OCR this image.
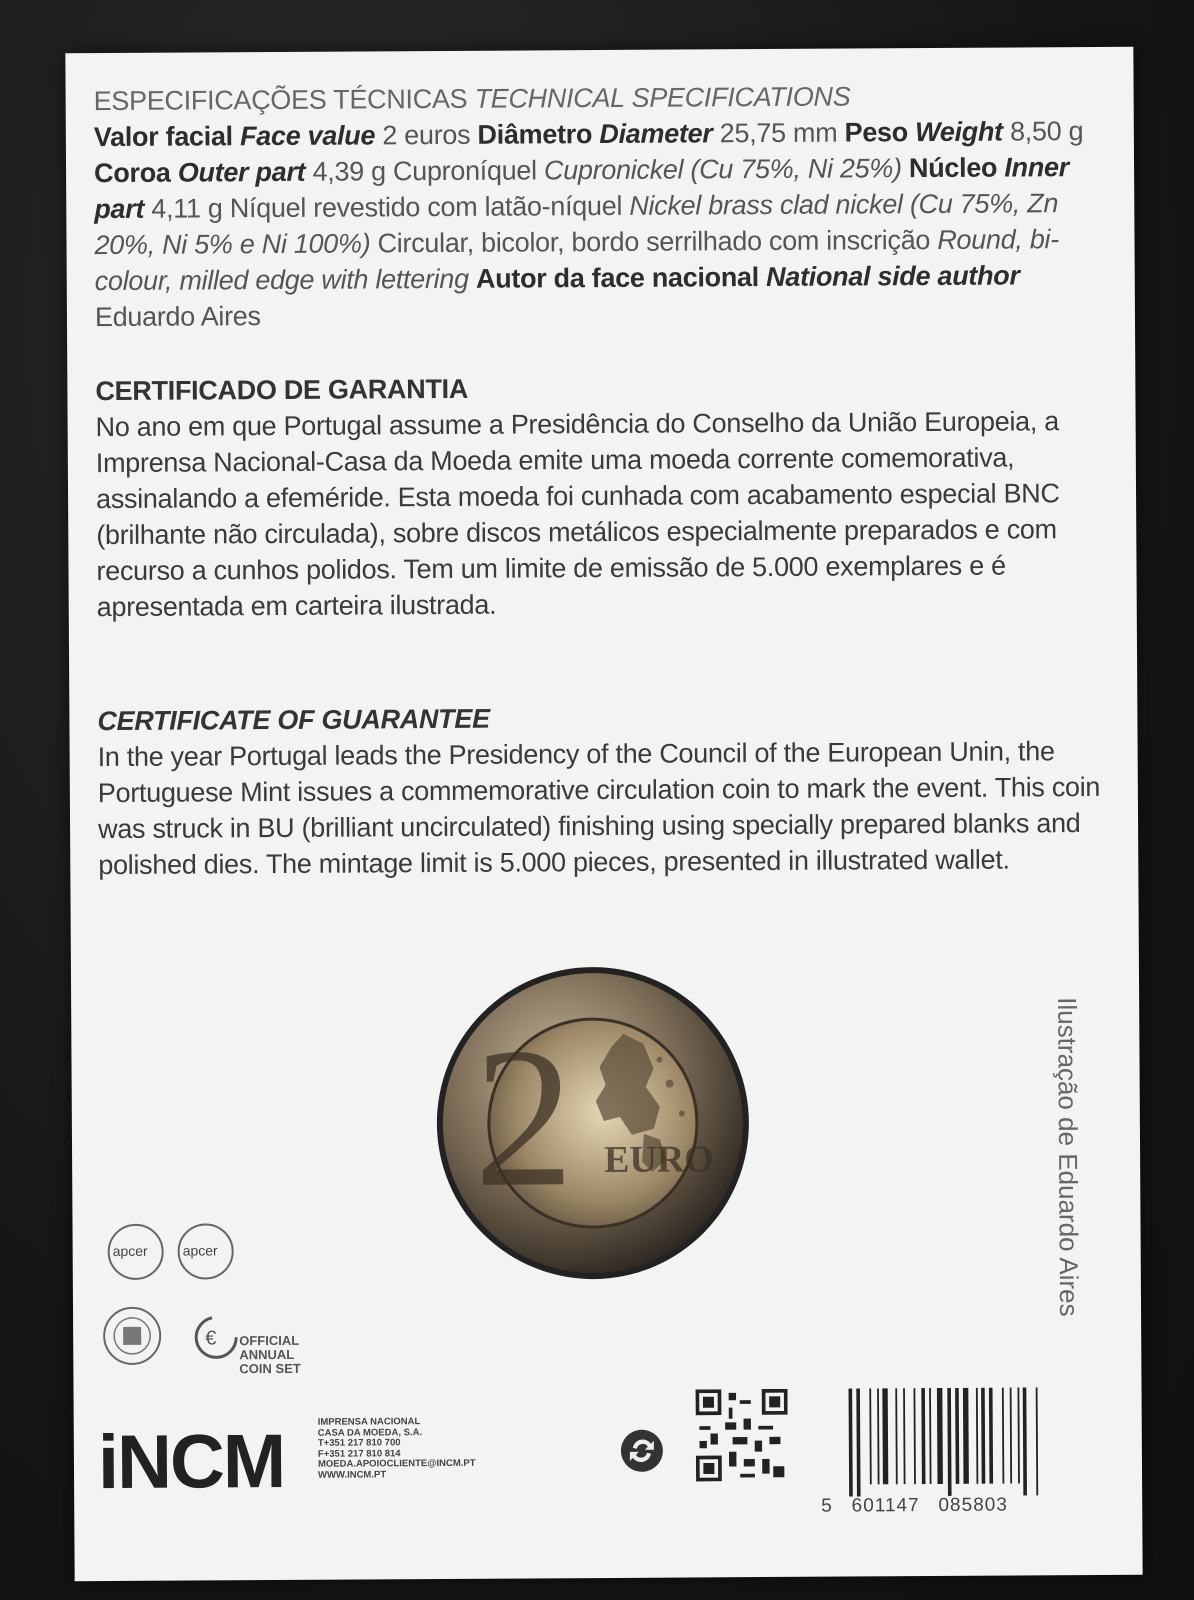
ESPECIFICAÇÕES TÉCNICAS TECHNICAL SPECIFICATIONS
Valor facial Face value 2 euros Diâmetro Diameter 25,75 mm Peso Weight 8,50 g Coroa Outer part 4,39 g Cuproníquel Cupronickel (Cu 75%, Ni 25%) Núcleo Inner part 4,11 g Níquel revestido com latão-níquel Nickel brass clad nickel (Cu 75%, Zn 20%, Ni 5% e Ni 100%) Circular, bicolor, bordo serrilhado com inscrição Round, bi-colour, milled edge with lettering Autor da face nacional National side author Eduardo Aires
CERTIFICADO DE GARANTIA
No ano em que Portugal assume a Presidência do Conselho da União Europeia, a Imprensa Nacional-Casa da Moeda emite uma moeda corrente comemorativa, assinalando a efeméride. Esta moeda foi cunhada com acabamento especial BNC (brilhante não circulada), sobre discos metálicos especialmente preparados e com recurso a cunhos polidos. Tem um limite de emissão de 5.000 exemplares e é apresentada em carteira ilustrada.
CERTIFICATE OF GUARANTEE
In the year Portugal leads the Presidency of the Council of the European Unin, the Portuguese Mint issues a commemorative circulation coin to mark the event. This coin was struck in BU (brilliant uncirculated) finishing using specially prepared blanks and polished dies. The mintage limit is 5.000 pieces, presented in illustrated wallet.
2 EURO	Ilustração de Eduardo Aires
apcer apcer
€ OFFICIAL
ANNUAL
COIN SET
iNCM	IMPRENSA NACIONAL
CASA DA MOEDA, S.A.
T+351 217 810 700
F+351 217 810 814
MOEDA.APOIOCLIENTE@INCM.PT
WWW.INCM.PT
5   601147   085803
